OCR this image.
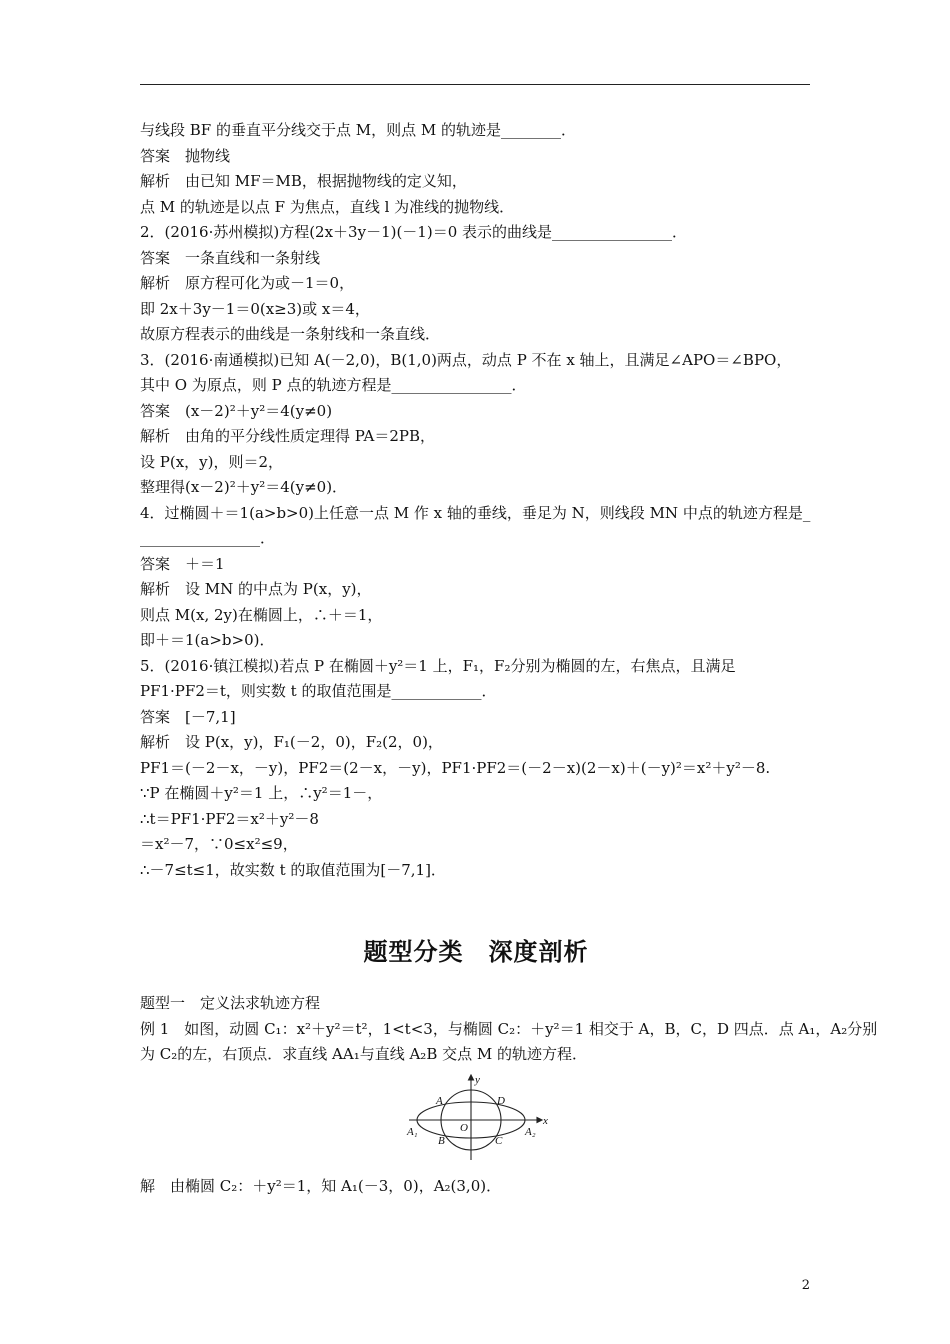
与线段 BF 的垂直平分线交于点 M，则点 M 的轨迹是________．
答案　抛物线
解析　由已知 MF＝MB，根据抛物线的定义知，
点 M 的轨迹是以点 F 为焦点，直线 l 为准线的抛物线．
2．(2016·苏州模拟)方程(2x＋3y－1)(－1)＝0 表示的曲线是________________．
答案　一条直线和一条射线
解析　原方程可化为或－1＝0，
即 2x＋3y－1＝0(x≥3)或 x＝4，
故原方程表示的曲线是一条射线和一条直线．
3．(2016·南通模拟)已知 A(－2,0)，B(1,0)两点，动点 P 不在 x 轴上，且满足∠APO＝∠BPO，
其中 O 为原点，则 P 点的轨迹方程是________________．
答案　(x－2)²＋y²＝4(y≠0)
解析　由角的平分线性质定理得 PA＝2PB，
设 P(x，y)，则＝2，
整理得(x－2)²＋y²＝4(y≠0)．
4．过椭圆＋＝1(a>b>0)上任意一点 M 作 x 轴的垂线，垂足为 N，则线段 MN 中点的轨迹方程是_
________________．
答案　＋＝1
解析　设 MN 的中点为 P(x，y)，
则点 M(x, 2y)在椭圆上，∴＋＝1，
即＋＝1(a>b>0)．
5．(2016·镇江模拟)若点 P 在椭圆＋y²＝1 上，F₁，F₂分别为椭圆的左，右焦点，且满足
PF1·PF2＝t，则实数 t 的取值范围是____________．
答案　[－7,1]
解析　设 P(x，y)，F₁(－2，0)，F₂(2，0)，
PF1＝(－2－x，－y)，PF2＝(2－x，－y)，PF1·PF2＝(－2－x)(2－x)＋(－y)²＝x²＋y²－8.
∵P 在椭圆＋y²＝1 上，∴y²＝1－，
∴t＝PF1·PF2＝x²＋y²－8
＝x²－7，∵0≤x²≤9，
∴－7≤t≤1，故实数 t 的取值范围为[－7,1]．
题型分类　深度剖析
题型一　定义法求轨迹方程
例 1　如图，动圆 C₁：x²＋y²＝t²，1<t<3，与椭圆 C₂：＋y²＝1 相交于 A，B，C，D 四点．点 A₁，A₂分别
为 C₂的左，右顶点．求直线 AA₁与直线 A₂B 交点 M 的轨迹方程．
y
x
O
A	D
B	C
A₁	A₂
解　由椭圆 C₂：＋y²＝1，知 A₁(－3，0)，A₂(3,0)．
2
